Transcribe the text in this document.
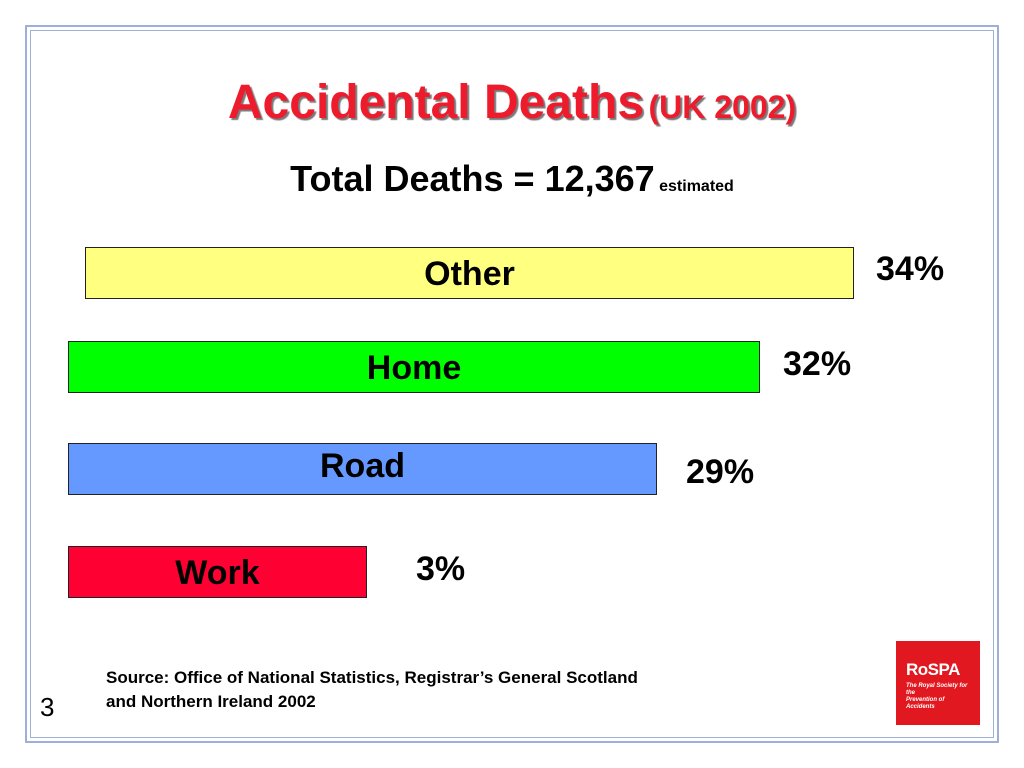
Accidental Deaths (UK 2002)
Total Deaths = 12,367 estimated
Other	34%
Home	32%
Road	29%
Work	3%
Source: Office of National Statistics, Registrar’s General Scotland
and Northern Ireland 2002
3
RoSPA
The Royal Society for the
Prevention of Accidents
